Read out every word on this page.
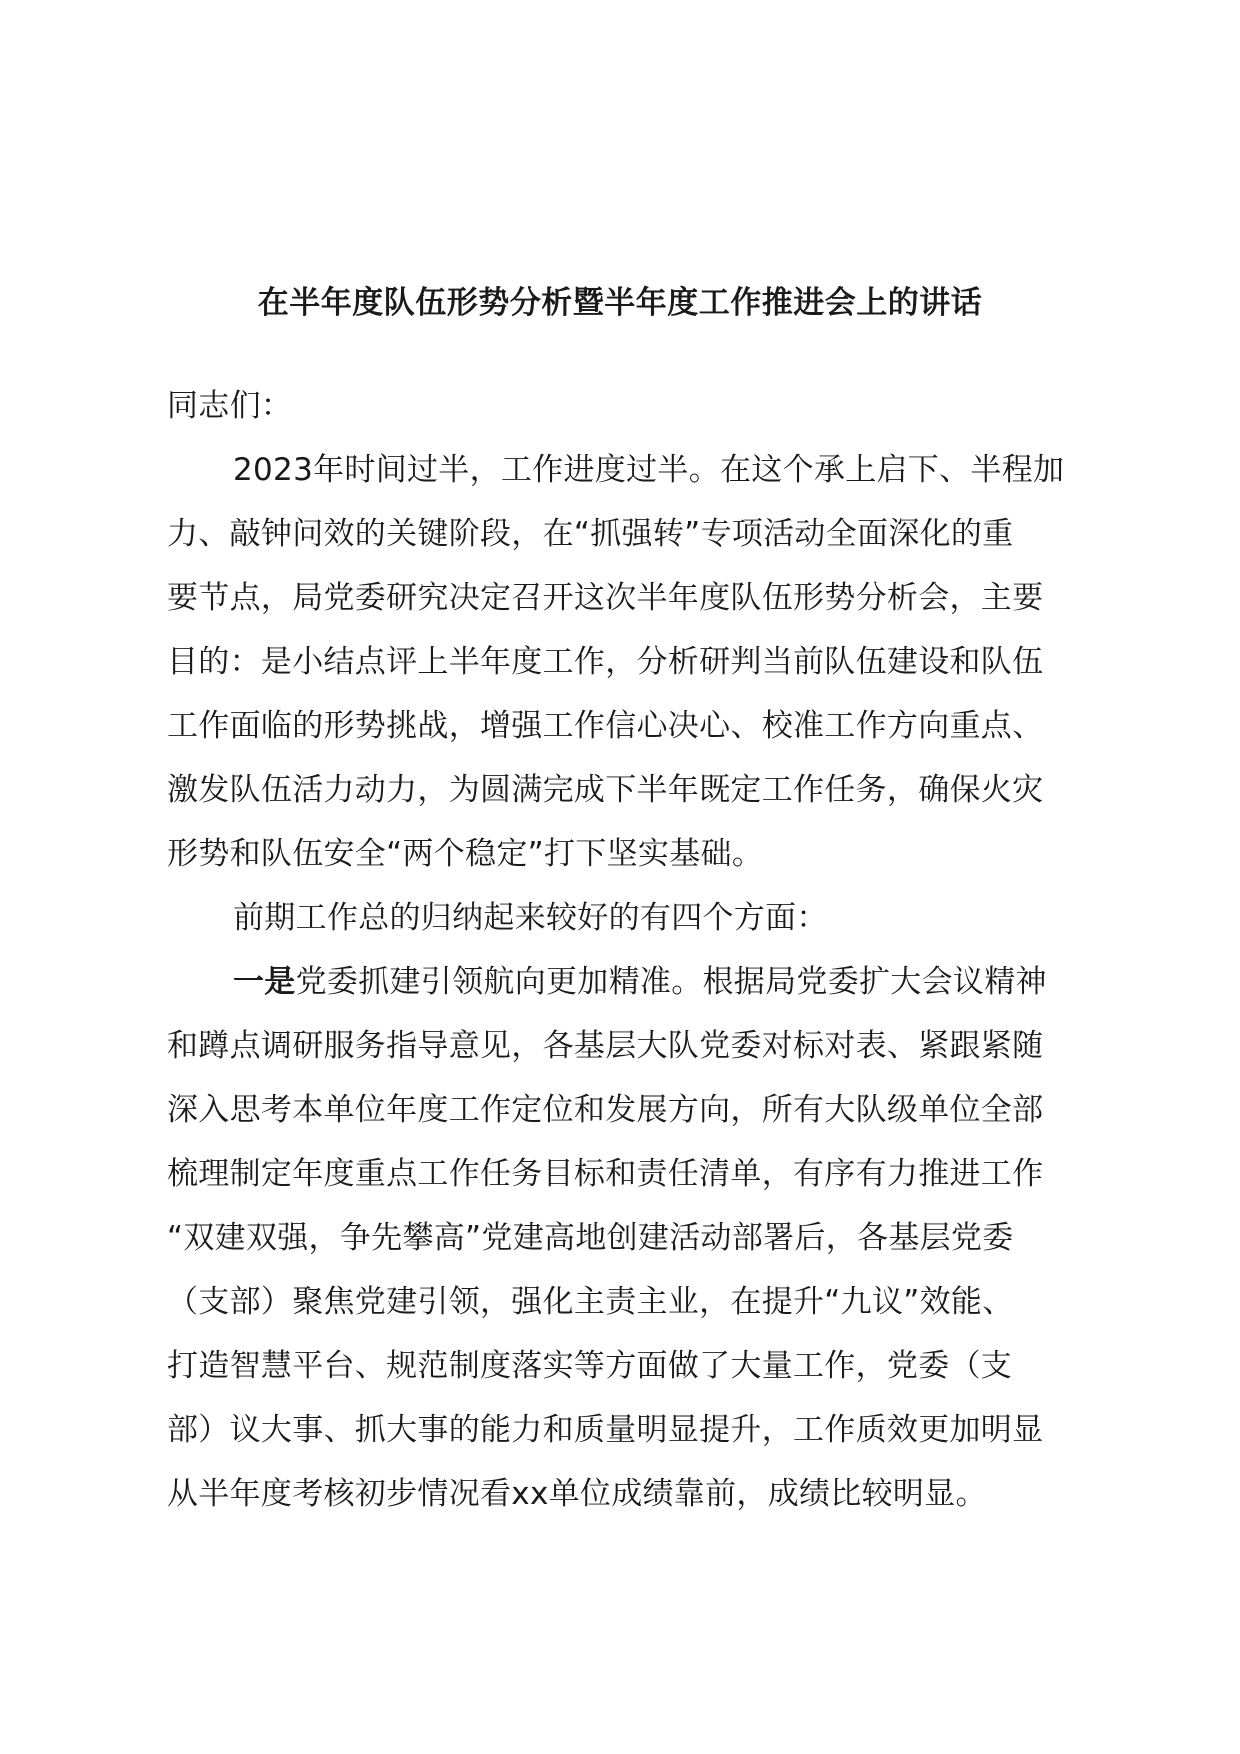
在半年度队伍形势分析暨半年度工作推进会上的讲话
同志们：
2023年时间过半，工作进度过半。在这个承上启下、半程加
力、敲钟问效的关键阶段，在“抓强转”专项活动全面深化的重
要节点，局党委研究决定召开这次半年度队伍形势分析会，主要
目的：是小结点评上半年度工作，分析研判当前队伍建设和队伍
工作面临的形势挑战，增强工作信心决心、校准工作方向重点、
激发队伍活力动力，为圆满完成下半年既定工作任务，确保火灾
形势和队伍安全“两个稳定”打下坚实基础。
前期工作总的归纳起来较好的有四个方面：
一是党委抓建引领航向更加精准。根据局党委扩大会议精神
和蹲点调研服务指导意见，各基层大队党委对标对表、紧跟紧随
深入思考本单位年度工作定位和发展方向，所有大队级单位全部
梳理制定年度重点工作任务目标和责任清单，有序有力推进工作
“双建双强，争先攀高”党建高地创建活动部署后，各基层党委
（支部）聚焦党建引领，强化主责主业，在提升“九议”效能、
打造智慧平台、规范制度落实等方面做了大量工作，党委（支
部）议大事、抓大事的能力和质量明显提升，工作质效更加明显
从半年度考核初步情况看xx单位成绩靠前，成绩比较明显。
